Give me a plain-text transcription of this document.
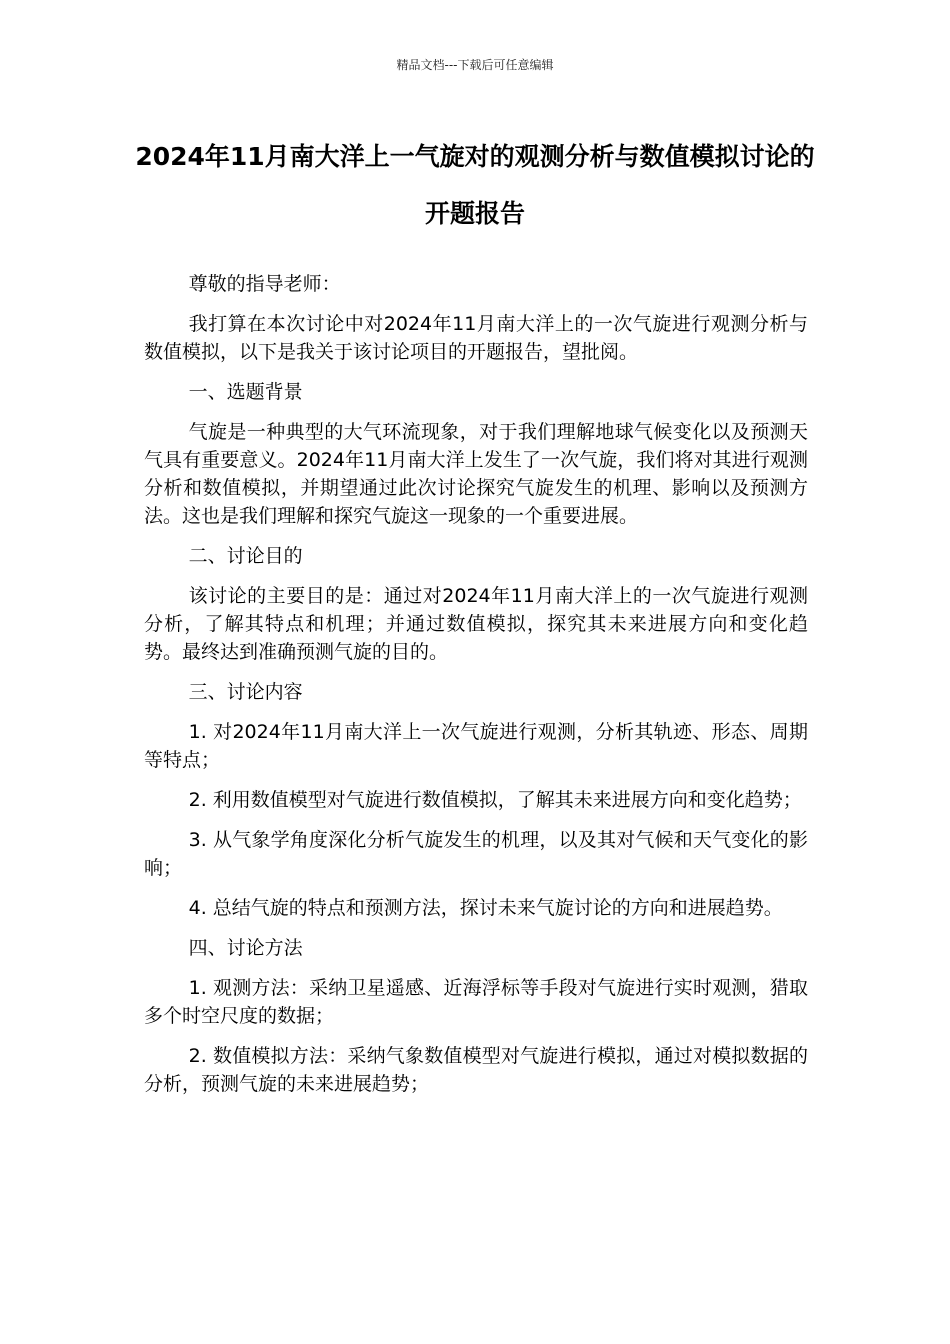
精品文档---下载后可任意编辑
2024年11月南大洋上一气旋对的观测分析与数值模拟讨论的开题报告

尊敬的指导老师：

我打算在本次讨论中对2024年11月南大洋上的一次气旋进行观测分析与数值模拟，以下是我关于该讨论项目的开题报告，望批阅。

一、选题背景

气旋是一种典型的大气环流现象，对于我们理解地球气候变化以及预测天气具有重要意义。2024年11月南大洋上发生了一次气旋，我们将对其进行观测分析和数值模拟，并期望通过此次讨论探究气旋发生的机理、影响以及预测方法。这也是我们理解和探究气旋这一现象的一个重要进展。

二、讨论目的

该讨论的主要目的是：通过对2024年11月南大洋上的一次气旋进行观测分析，了解其特点和机理；并通过数值模拟，探究其未来进展方向和变化趋势。最终达到准确预测气旋的目的。

三、讨论内容

1. 对2024年11月南大洋上一次气旋进行观测，分析其轨迹、形态、周期等特点；

2. 利用数值模型对气旋进行数值模拟，了解其未来进展方向和变化趋势；

3. 从气象学角度深化分析气旋发生的机理，以及其对气候和天气变化的影响；

4. 总结气旋的特点和预测方法，探讨未来气旋讨论的方向和进展趋势。

四、讨论方法

1. 观测方法：采纳卫星遥感、近海浮标等手段对气旋进行实时观测，猎取多个时空尺度的数据；

2. 数值模拟方法：采纳气象数值模型对气旋进行模拟，通过对模拟数据的分析，预测气旋的未来进展趋势；
